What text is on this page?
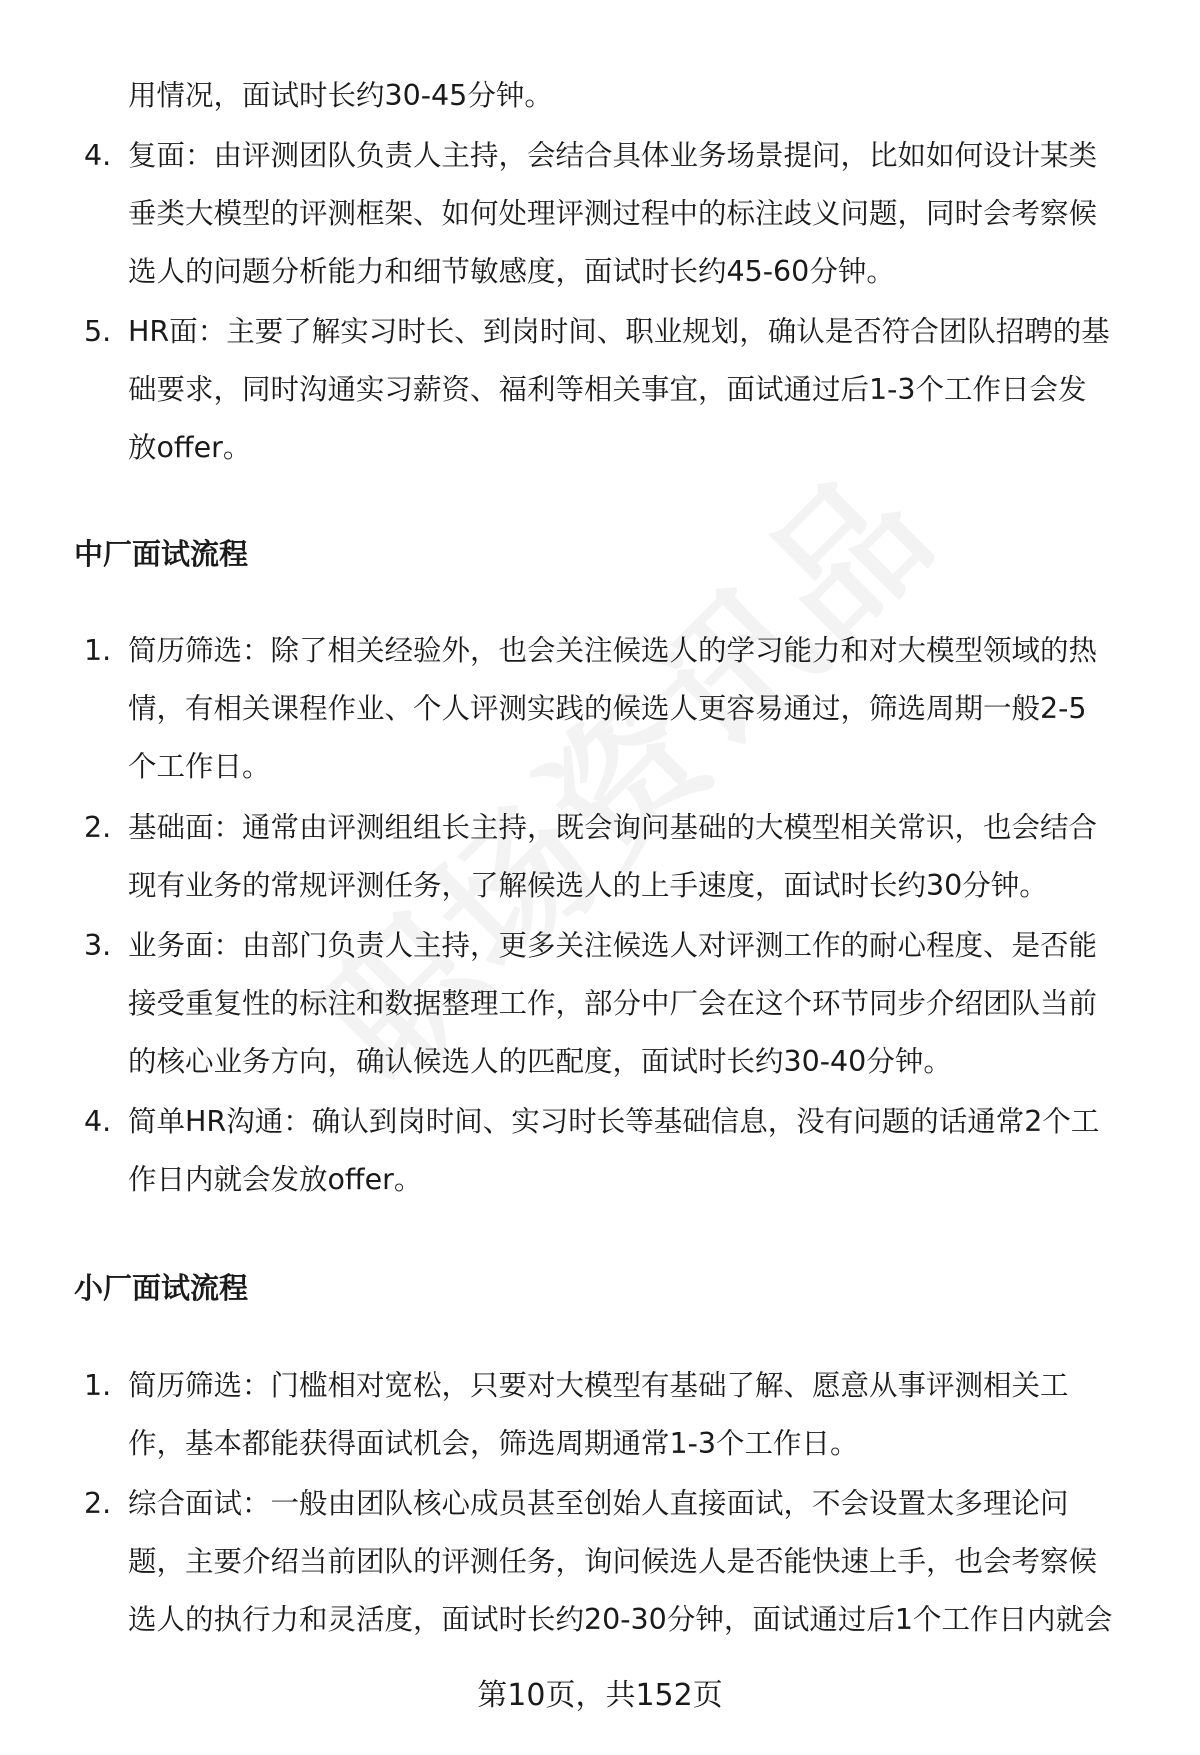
用情况，面试时长约30-45分钟。
4. 复面：由评测团队负责人主持，会结合具体业务场景提问，比如如何设计某类
垂类大模型的评测框架、如何处理评测过程中的标注歧义问题，同时会考察候
选人的问题分析能力和细节敏感度，面试时长约45-60分钟。
5. HR面：主要了解实习时长、到岗时间、职业规划，确认是否符合团队招聘的基
础要求，同时沟通实习薪资、福利等相关事宜，面试通过后1-3个工作日会发
放offer。
中厂面试流程
1. 简历筛选：除了相关经验外，也会关注候选人的学习能力和对大模型领域的热
情，有相关课程作业、个人评测实践的候选人更容易通过，筛选周期一般2-5
个工作日。
2. 基础面：通常由评测组组长主持，既会询问基础的大模型相关常识，也会结合
现有业务的常规评测任务，了解候选人的上手速度，面试时长约30分钟。
3. 业务面：由部门负责人主持，更多关注候选人对评测工作的耐心程度、是否能
接受重复性的标注和数据整理工作，部分中厂会在这个环节同步介绍团队当前
的核心业务方向，确认候选人的匹配度，面试时长约30-40分钟。
4. 简单HR沟通：确认到岗时间、实习时长等基础信息，没有问题的话通常2个工
作日内就会发放offer。
小厂面试流程
1. 简历筛选：门槛相对宽松，只要对大模型有基础了解、愿意从事评测相关工
作，基本都能获得面试机会，筛选周期通常1-3个工作日。
2. 综合面试：一般由团队核心成员甚至创始人直接面试，不会设置太多理论问
题，主要介绍当前团队的评测任务，询问候选人是否能快速上手，也会考察候
选人的执行力和灵活度，面试时长约20-30分钟，面试通过后1个工作日内就会
第10页，共152页
